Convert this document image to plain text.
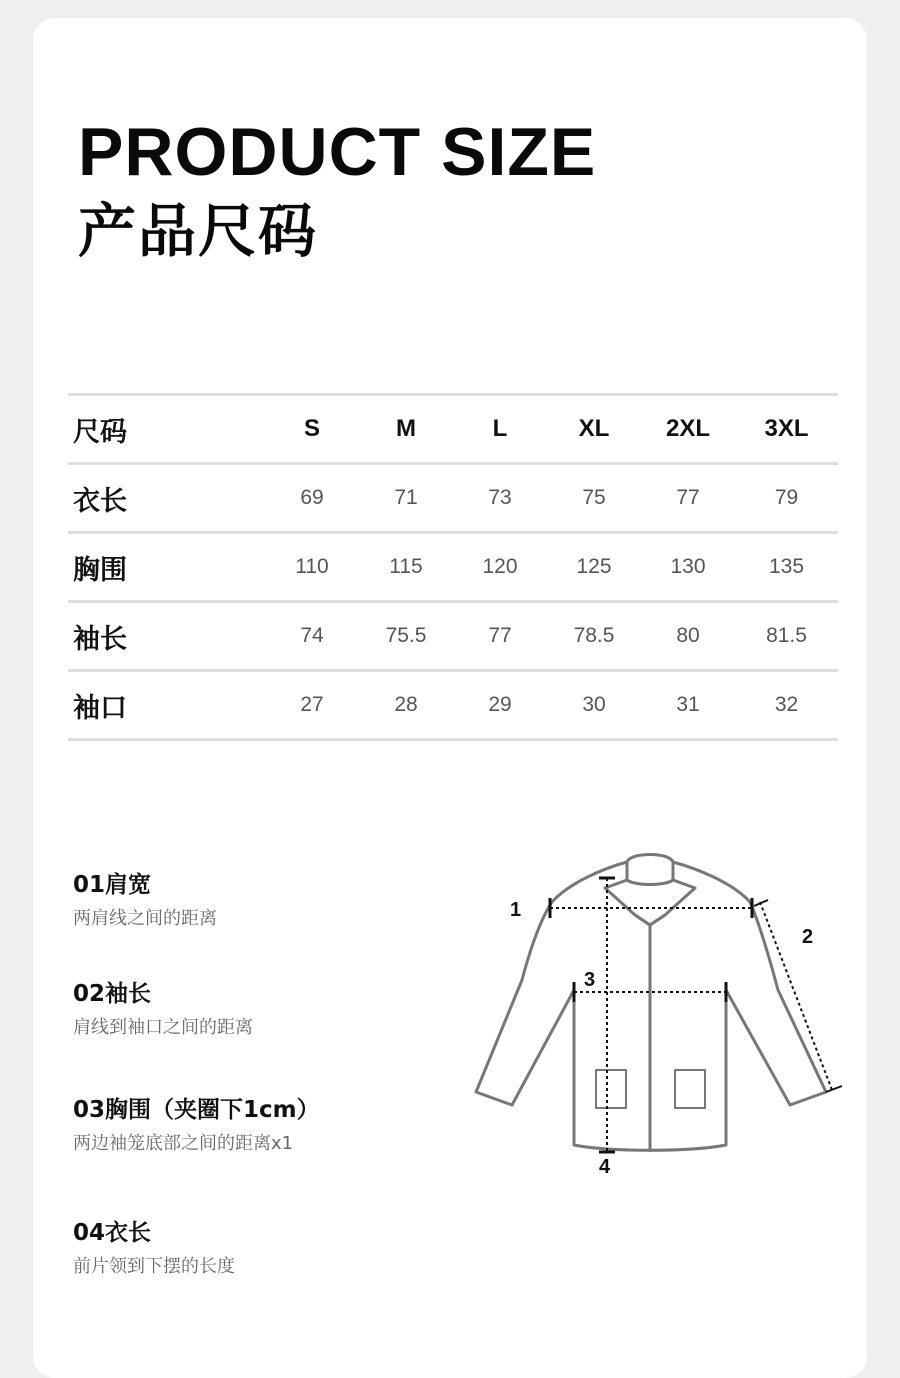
PRODUCT SIZE
产品尺码
尺码	S	M	L	XL	2XL	3XL
衣长	69	71	73	75	77	79
胸围	110	115	120	125	130	135
袖长	74	75.5	77	78.5	80	81.5
袖口	27	28	29	30	31	32
01肩宽
两肩线之间的距离
02袖长
肩线到袖口之间的距离
03胸围（夹圈下1cm）
两边袖笼底部之间的距离x1
04衣长
前片领到下摆的长度
1
2
3
4
